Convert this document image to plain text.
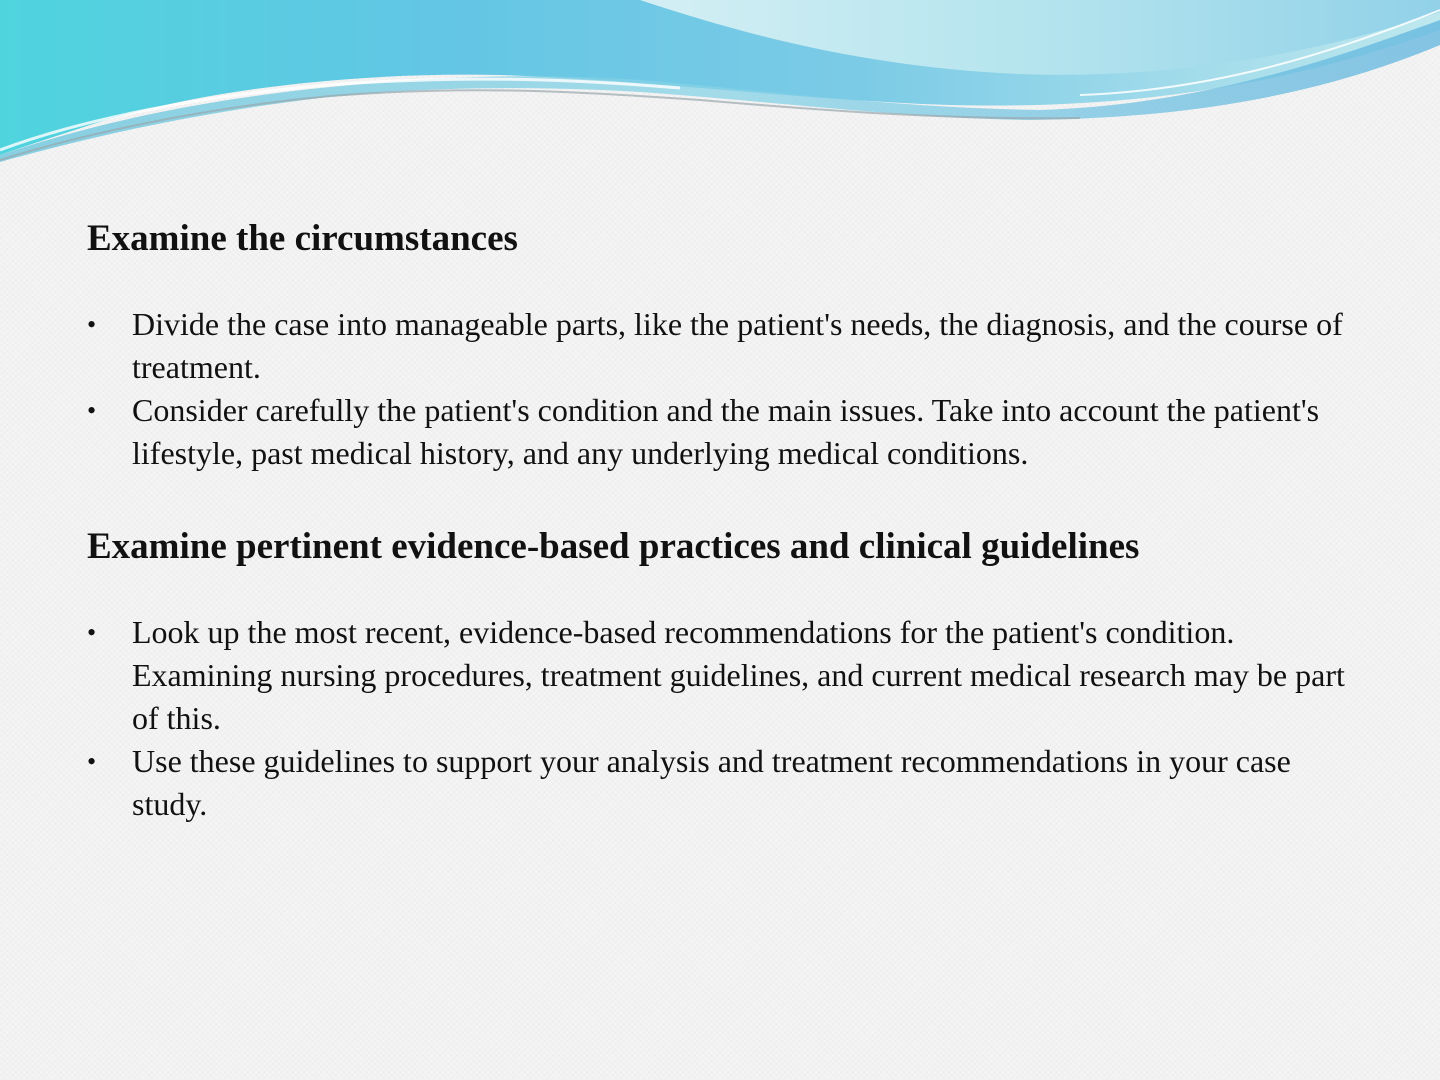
Examine the circumstances
•	Divide the case into manageable parts, like the patient's needs, the diagnosis, and the course of treatment.
•	Consider carefully the patient's condition and the main issues. Take into account the patient's lifestyle, past medical history, and any underlying medical conditions.
Examine pertinent evidence-based practices and clinical guidelines
•	Look up the most recent, evidence-based recommendations for the patient's condition. Examining nursing procedures, treatment guidelines, and current medical research may be part of this.
•	Use these guidelines to support your analysis and treatment recommendations in your case study.
